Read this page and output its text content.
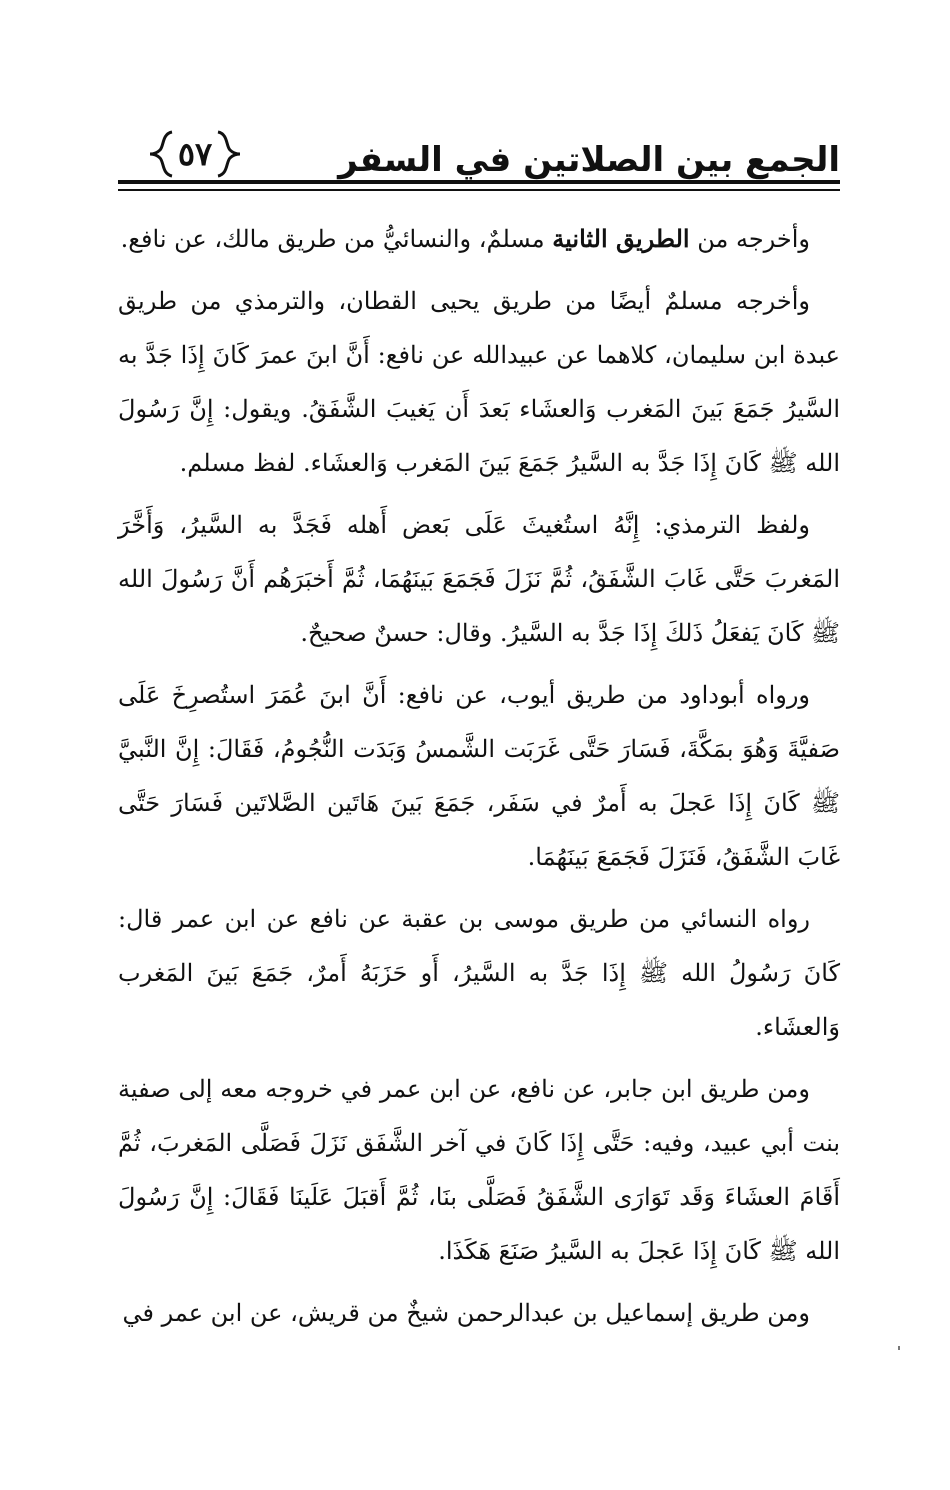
الجمع بين الصلاتين في السفر
٥٧

وأخرجه من الطريق الثانية مسلمٌ، والنسائيُّ من طريق مالك، عن نافع.

وأخرجه مسلمٌ أيضًا من طريق يحيى القطان، والترمذي من طريق عبدة ابن سليمان، كلاهما عن عبيدالله عن نافع: أَنَّ ابنَ عمرَ كَانَ إِذَا جَدَّ به السَّيرُ جَمَعَ بَينَ المَغرب وَالعشَاء بَعدَ أَن يَغيبَ الشَّفَقُ. ويقول: إِنَّ رَسُولَ الله ﷺ كَانَ إِذَا جَدَّ به السَّيرُ جَمَعَ بَينَ المَغرب وَالعشَاء. لفظ مسلم.

ولفظ الترمذي: إِنَّهُ استُغيثَ عَلَى بَعض أَهله فَجَدَّ به السَّيرُ، وَأَخَّرَ المَغربَ حَتَّى غَابَ الشَّفَقُ، ثُمَّ نَزَلَ فَجَمَعَ بَينَهُمَا، ثُمَّ أَخبَرَهُم أَنَّ رَسُولَ الله ﷺ كَانَ يَفعَلُ ذَلكَ إِذَا جَدَّ به السَّيرُ. وقال: حسنٌ صحيحٌ.

ورواه أبوداود من طريق أيوب، عن نافع: أَنَّ ابنَ عُمَرَ استُصرِخَ عَلَى صَفيَّةَ وَهُوَ بمَكَّةَ، فَسَارَ حَتَّى غَرَبَت الشَّمسُ وَبَدَت النُّجُومُ، فَقَالَ: إِنَّ النَّبيَّ ﷺ كَانَ إِذَا عَجلَ به أَمرٌ في سَفَر، جَمَعَ بَينَ هَاتَين الصَّلاتَين فَسَارَ حَتَّى غَابَ الشَّفَقُ، فَنَزَلَ فَجَمَعَ بَينَهُمَا.

رواه النسائي من طريق موسى بن عقبة عن نافع عن ابن عمر قال: كَانَ رَسُولُ الله ﷺ إِذَا جَدَّ به السَّيرُ، أَو حَزَبَهُ أَمرٌ، جَمَعَ بَينَ المَغرب وَالعشَاء.

ومن طريق ابن جابر، عن نافع، عن ابن عمر في خروجه معه إلى صفية بنت أبي عبيد، وفيه: حَتَّى إِذَا كَانَ في آخر الشَّفَق نَزَلَ فَصَلَّى المَغربَ، ثُمَّ أَقَامَ العشَاءَ وَقَد تَوَارَى الشَّفَقُ فَصَلَّى بنَا، ثُمَّ أَقبَلَ عَلَينَا فَقَالَ: إِنَّ رَسُولَ الله ﷺ كَانَ إِذَا عَجلَ به السَّيرُ صَنَعَ هَكَذَا.

ومن طريق إسماعيل بن عبدالرحمن شيخٌ من قريش، عن ابن عمر في
